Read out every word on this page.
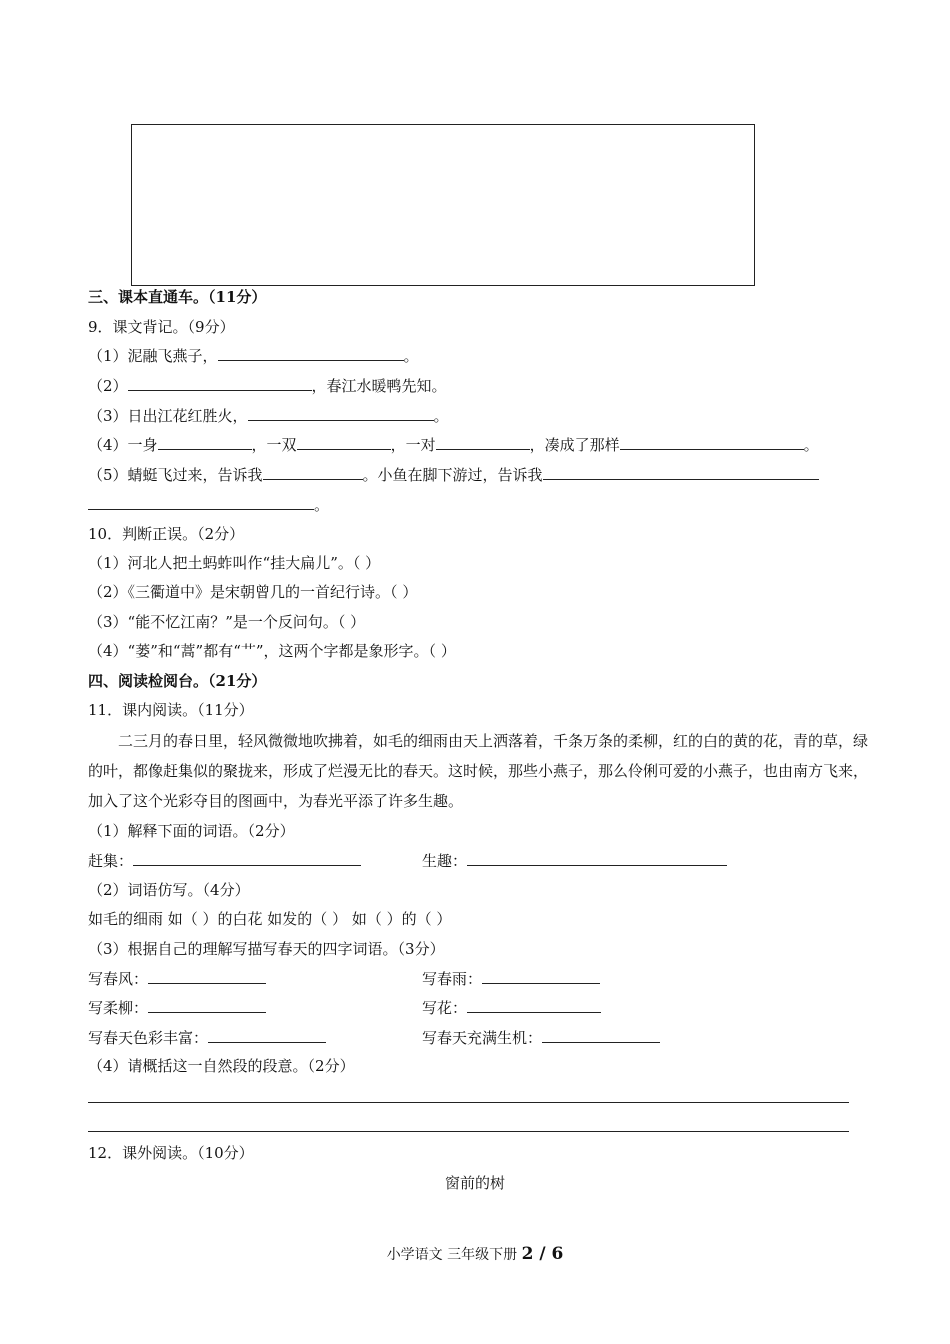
三、课本直通车。（11分）
9．课文背记。（9分）
（1）泥融飞燕子，	。
（2）	，春江水暖鸭先知。
（3）日出江花红胜火，	。
（4）一身	，一双	，一对	，凑成了那样	。
（5）蜻蜓飞过来，告诉我	。小鱼在脚下游过，告诉我
。
10．判断正误。（2分）
（1）河北人把土蚂蚱叫作“挂大扁儿”。（ ）
（2）《三衢道中》是宋朝曾几的一首纪行诗。（ ）
（3）“能不忆江南？”是一个反问句。（ ）
（4）“蒌”和“蒿”都有“艹”，这两个字都是象形字。（ ）
四、阅读检阅台。（21分）
11．课内阅读。（11分）
二三月的春日里，轻风微微地吹拂着，如毛的细雨由天上洒落着，千条万条的柔柳，红的白的黄的花，青的草，绿的叶，都像赶集似的聚拢来，形成了烂漫无比的春天。这时候，那些小燕子，那么伶俐可爱的小燕子，也由南方飞来，加入了这个光彩夺目的图画中，为春光平添了许多生趣。
（1）解释下面的词语。（2分）
赶集：	生趣：
（2）词语仿写。（4分）
如毛的细雨 如（ ）的白花 如发的（ ） 如（ ）的（ ）
（3）根据自己的理解写描写春天的四字词语。（3分）
写春风：	写春雨：
写柔柳：	写花：
写春天色彩丰富：	写春天充满生机：
（4）请概括这一自然段的段意。（2分）
12．课外阅读。（10分）
窗前的树
小学语文 三年级下册 2 / 6
